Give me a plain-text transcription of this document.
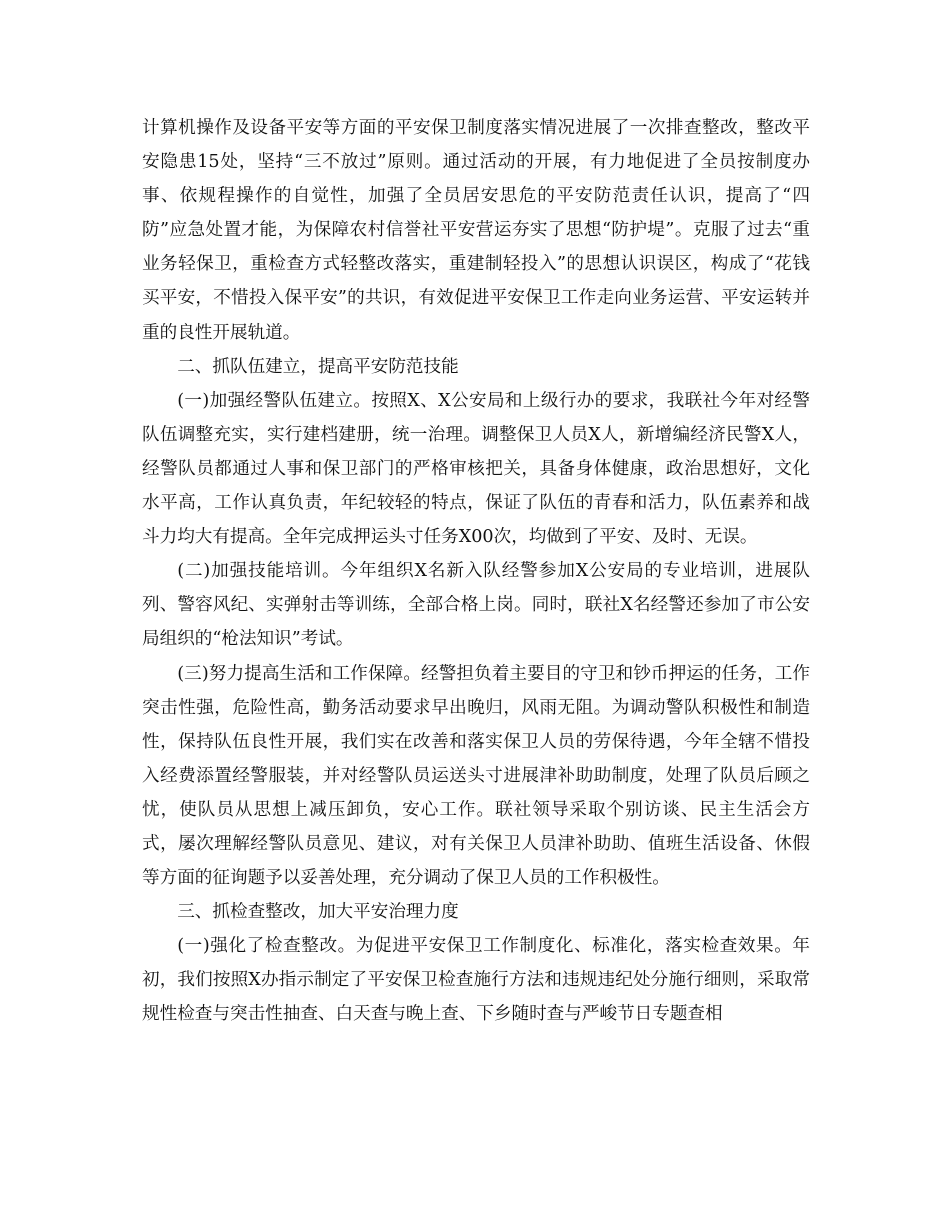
计算机操作及设备平安等方面的平安保卫制度落实情况进展了一次排查整改，整改平安隐患15处，坚持“三不放过”原则。通过活动的开展，有力地促进了全员按制度办事、依规程操作的自觉性，加强了全员居安思危的平安防范责任认识，提高了“四防”应急处置才能，为保障农村信誉社平安营运夯实了思想“防护堤”。克服了过去“重业务轻保卫，重检查方式轻整改落实，重建制轻投入”的思想认识误区，构成了“花钱买平安，不惜投入保平安”的共识，有效促进平安保卫工作走向业务运营、平安运转并重的良性开展轨道。

二、抓队伍建立，提高平安防范技能

(一)加强经警队伍建立。按照X、X公安局和上级行办的要求，我联社今年对经警队伍调整充实，实行建档建册，统一治理。调整保卫人员X人，新增编经济民警X人，经警队员都通过人事和保卫部门的严格审核把关，具备身体健康，政治思想好，文化水平高，工作认真负责，年纪较轻的特点，保证了队伍的青春和活力，队伍素养和战斗力均大有提高。全年完成押运头寸任务X00次，均做到了平安、及时、无误。

(二)加强技能培训。今年组织X名新入队经警参加X公安局的专业培训，进展队列、警容风纪、实弹射击等训练，全部合格上岗。同时，联社X名经警还参加了市公安局组织的“枪法知识”考试。

(三)努力提高生活和工作保障。经警担负着主要目的守卫和钞币押运的任务，工作突击性强，危险性高，勤务活动要求早出晚归，风雨无阻。为调动警队积极性和制造性，保持队伍良性开展，我们实在改善和落实保卫人员的劳保待遇，今年全辖不惜投入经费添置经警服装，并对经警队员运送头寸进展津补助助制度，处理了队员后顾之忧，使队员从思想上减压卸负，安心工作。联社领导采取个别访谈、民主生活会方式，屡次理解经警队员意见、建议，对有关保卫人员津补助助、值班生活设备、休假等方面的征询题予以妥善处理，充分调动了保卫人员的工作积极性。

三、抓检查整改，加大平安治理力度

(一)强化了检查整改。为促进平安保卫工作制度化、标准化，落实检查效果。年初，我们按照X办指示制定了平安保卫检查施行方法和违规违纪处分施行细则，采取常规性检查与突击性抽查、白天查与晚上查、下乡随时查与严峻节日专题查相
